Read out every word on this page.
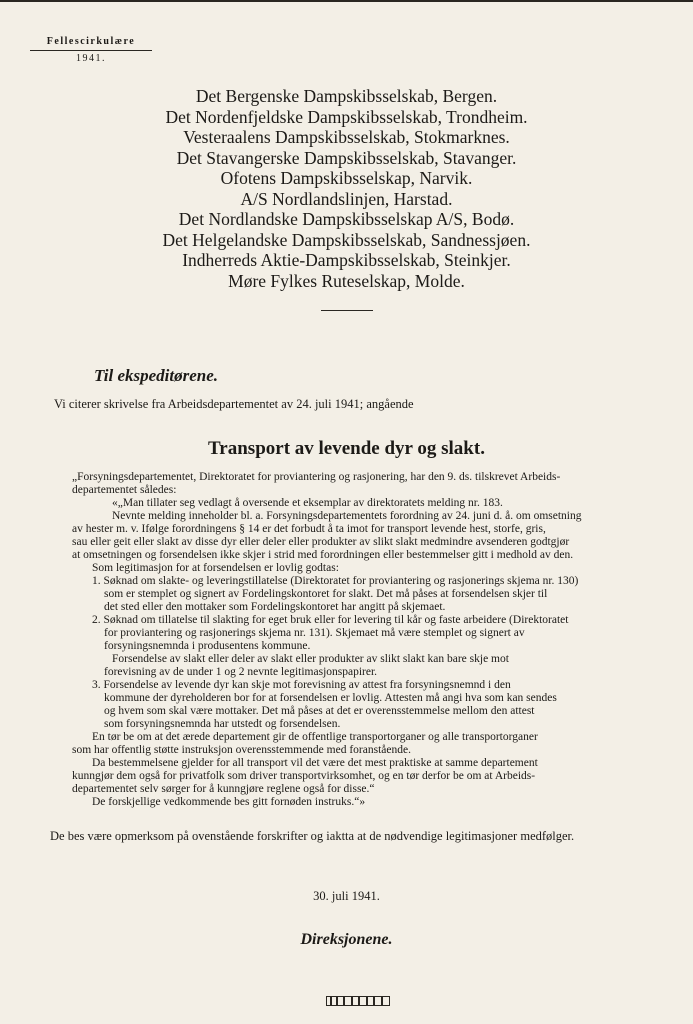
Fellescirkulære
1941.
Det Bergenske Dampskibsselskab, Bergen.
Det Nordenfjeldske Dampskibsselskab, Trondheim.
Vesteraalens Dampskibsselskab, Stokmarknes.
Det Stavangerske Dampskibsselskab, Stavanger.
Ofotens Dampskibsselskap, Narvik.
A/S Nordlandslinjen, Harstad.
Det Nordlandske Dampskibsselskap A/S, Bodø.
Det Helgelandske Dampskibsselskab, Sandnessjøen.
Indherreds Aktie-Dampskibsselskab, Steinkjer.
Møre Fylkes Ruteselskap, Molde.
Til ekspeditørene.
Vi citerer skrivelse fra Arbeidsdepartementet av 24. juli 1941; angående
Transport av levende dyr og slakt.
„Forsyningsdepartementet, Direktoratet for proviantering og rasjonering, har den 9. ds. tilskrevet Arbeids-
departementet således:
«„Man tillater seg vedlagt å oversende et eksemplar av direktoratets melding nr. 183.
Nevnte melding inneholder bl. a. Forsyningsdepartementets forordning av 24. juni d. å. om omsetning
av hester m. v. Ifølge forordningens § 14 er det forbudt å ta imot for transport levende hest, storfe, gris,
sau eller geit eller slakt av disse dyr eller deler eller produkter av slikt slakt medmindre avsenderen godtgjør
at omsetningen og forsendelsen ikke skjer i strid med forordningen eller bestemmelser gitt i medhold av den.
Som legitimasjon for at forsendelsen er lovlig godtas:
1. Søknad om slakte- og leveringstillatelse (Direktoratet for proviantering og rasjonerings skjema nr. 130)
som er stemplet og signert av Fordelingskontoret for slakt. Det må påses at forsendelsen skjer til
det sted eller den mottaker som Fordelingskontoret har angitt på skjemaet.
2. Søknad om tillatelse til slakting for eget bruk eller for levering til kår og faste arbeidere (Direktoratet
for proviantering og rasjonerings skjema nr. 131). Skjemaet må være stemplet og signert av
forsyningsnemnda i produsentens kommune.
Forsendelse av slakt eller deler av slakt eller produkter av slikt slakt kan bare skje mot
forevisning av de under 1 og 2 nevnte legitimasjonspapirer.
3. Forsendelse av levende dyr kan skje mot forevisning av attest fra forsyningsnemnd i den
kommune der dyreholderen bor for at forsendelsen er lovlig. Attesten må angi hva som kan sendes
og hvem som skal være mottaker. Det må påses at det er overensstemmelse mellom den attest
som forsyningsnemnda har utstedt og forsendelsen.
En tør be om at det ærede departement gir de offentlige transportorganer og alle transportorganer
som har offentlig støtte instruksjon overensstemmende med foranstående.
Da bestemmelsene gjelder for all transport vil det være det mest praktiske at samme departement
kunngjør dem også for privatfolk som driver transportvirksomhet, og en tør derfor be om at Arbeids-
departementet selv sørger for å kunngjøre reglene også for disse.“
De forskjellige vedkommende bes gitt fornøden instruks.“»
De bes være opmerksom på ovenstående forskrifter og iaktta at de nødvendige legitimasjoner medfølger.
30. juli 1941.
Direksjonene.
